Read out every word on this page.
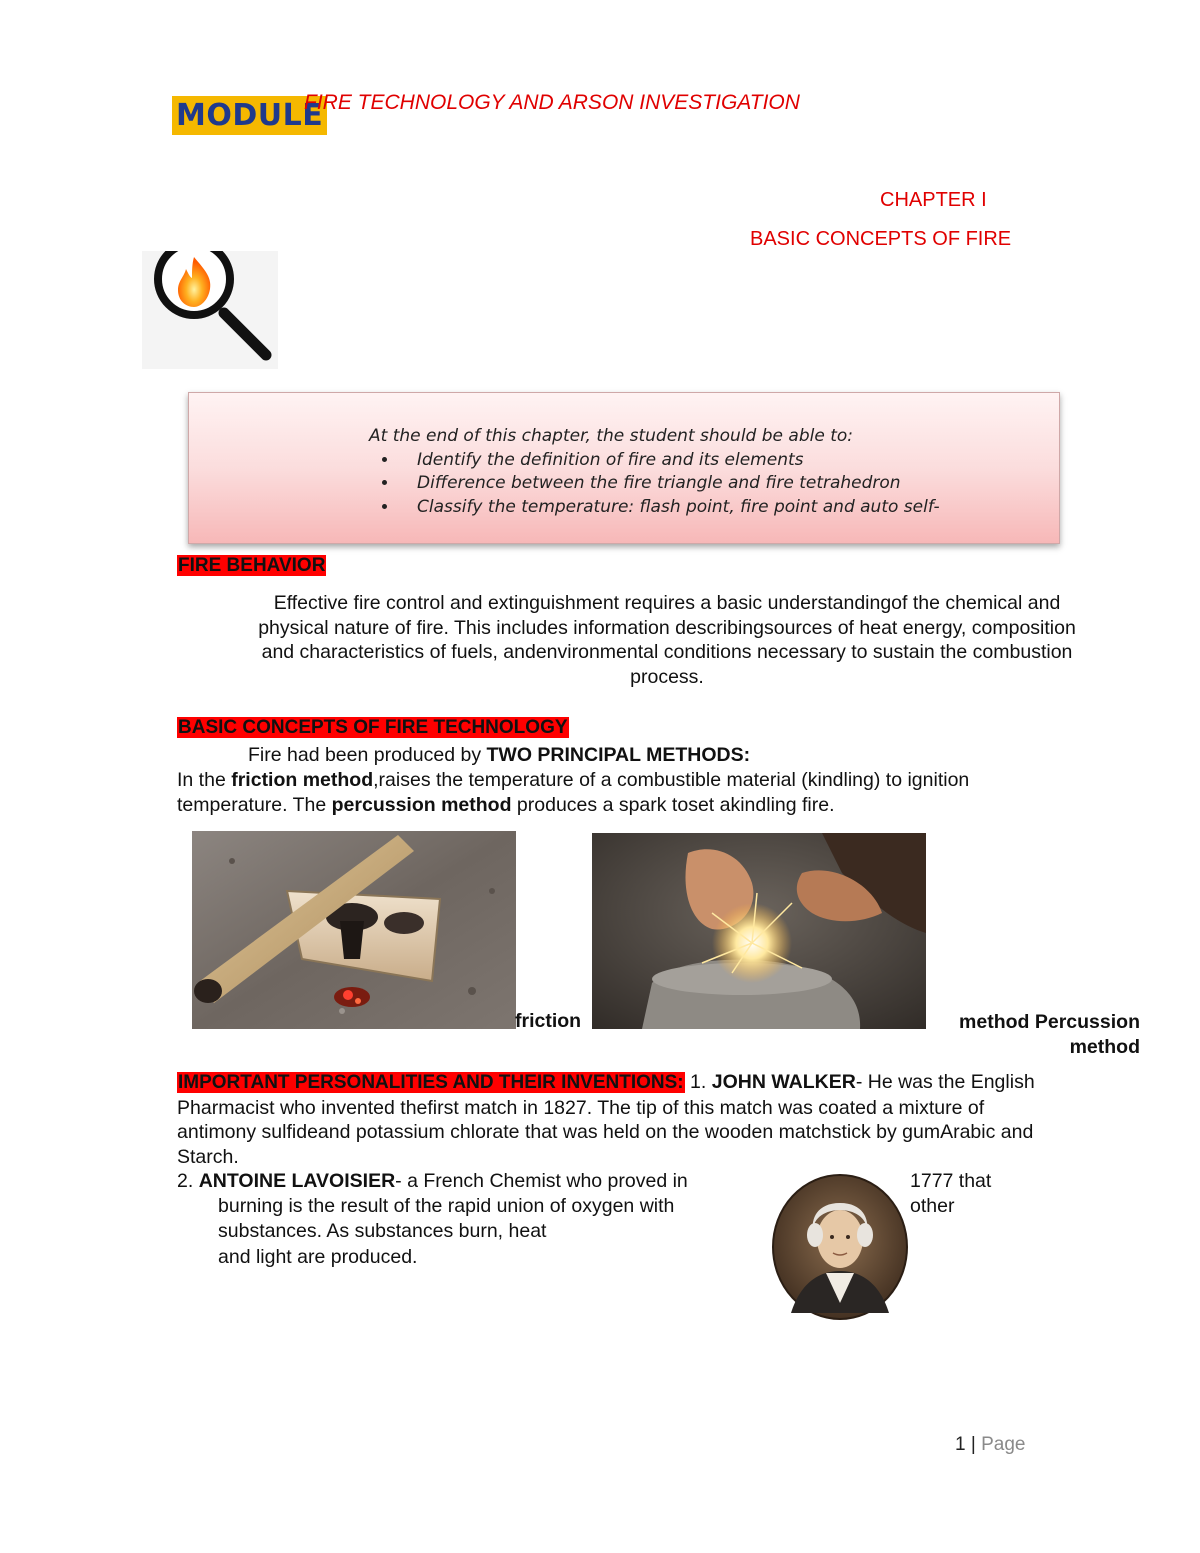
MODULE
FIRE TECHNOLOGY AND ARSON INVESTIGATION
CHAPTER I
BASIC CONCEPTS OF FIRE
At the end of this chapter, the student should be able to:
• Identify the definition of fire and its elements
• Difference between the fire triangle and fire tetrahedron
• Classify the temperature: flash point, fire point and auto self-
FIRE BEHAVIOR
Effective fire control and extinguishment requires a basic understandingof the chemical and
physical nature of fire. This includes information describingsources of heat energy, composition
and characteristics of fuels, andenvironmental conditions necessary to sustain the combustion
process.
BASIC CONCEPTS OF FIRE TECHNOLOGY
Fire had been produced by TWO PRINCIPAL METHODS:
In the friction method,raises the temperature of a combustible material (kindling) to ignition
temperature. The percussion method produces a spark toset akindling fire.
friction	method Percussion
method
IMPORTANT PERSONALITIES AND THEIR INVENTIONS: 1. JOHN WALKER- He was the English
Pharmacist who invented thefirst match in 1827. The tip of this match was coated a mixture of
antimony sulfideand potassium chlorate that was held on the wooden matchstick by gumArabic and
Starch.
2. ANTOINE LAVOISIER- a French Chemist who proved in
burning is the result of the rapid union of oxygen with
substances. As substances burn, heat
and light are produced.
1777 that
other
1 | Page
